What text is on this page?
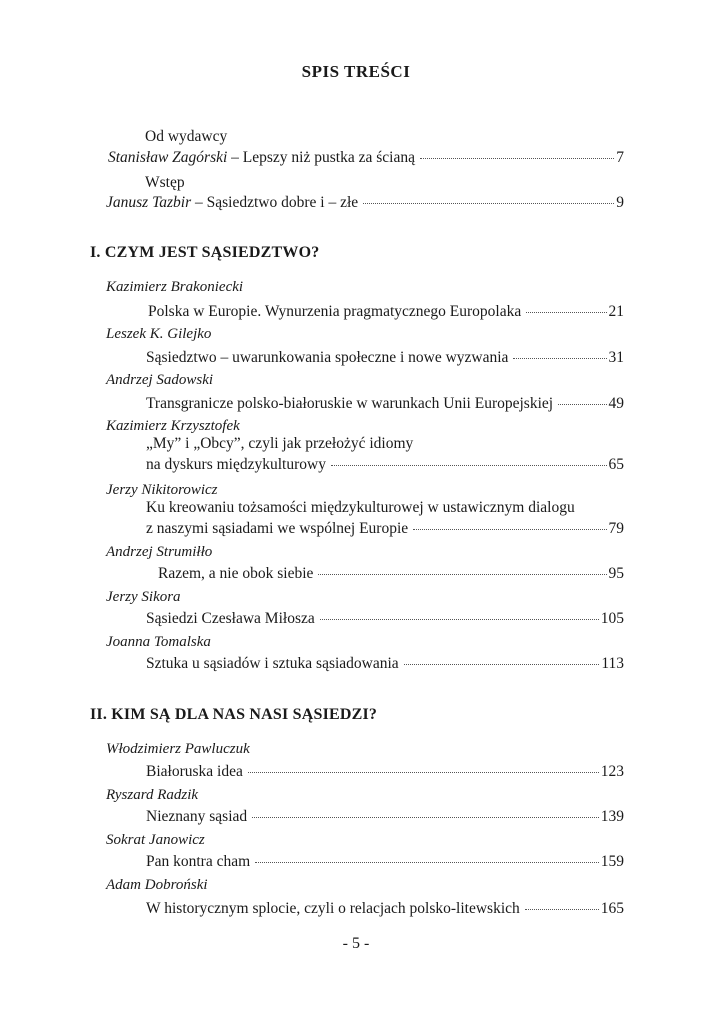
SPIS TREŚCI
Od wydawcy
Stanisław Zagórski – Lepszy niż pustka za ścianą	7
Wstęp
Janusz Tazbir – Sąsiedztwo dobre i – złe	9
I. CZYM JEST SĄSIEDZTWO?
Kazimierz Brakoniecki
Polska w Europie. Wynurzenia pragmatycznego Europolaka	21
Leszek K. Gilejko
Sąsiedztwo – uwarunkowania społeczne i nowe wyzwania	31
Andrzej Sadowski
Transgranicze polsko-białoruskie w warunkach Unii Europejskiej	49
Kazimierz Krzysztofek
„My” i „Obcy”, czyli jak przełożyć idiomy
na dyskurs międzykulturowy	65
Jerzy Nikitorowicz
Ku kreowaniu tożsamości międzykulturowej w ustawicznym dialogu
z naszymi sąsiadami we wspólnej Europie	79
Andrzej Strumiłło
Razem, a nie obok siebie	95
Jerzy Sikora
Sąsiedzi Czesława Miłosza	105
Joanna Tomalska
Sztuka u sąsiadów i sztuka sąsiadowania	113
II. KIM SĄ DLA NAS NASI SĄSIEDZI?
Włodzimierz Pawluczuk
Białoruska idea	123
Ryszard Radzik
Nieznany sąsiad	139
Sokrat Janowicz
Pan kontra cham	159
Adam Dobroński
W historycznym splocie, czyli o relacjach polsko-litewskich	165
- 5 -
